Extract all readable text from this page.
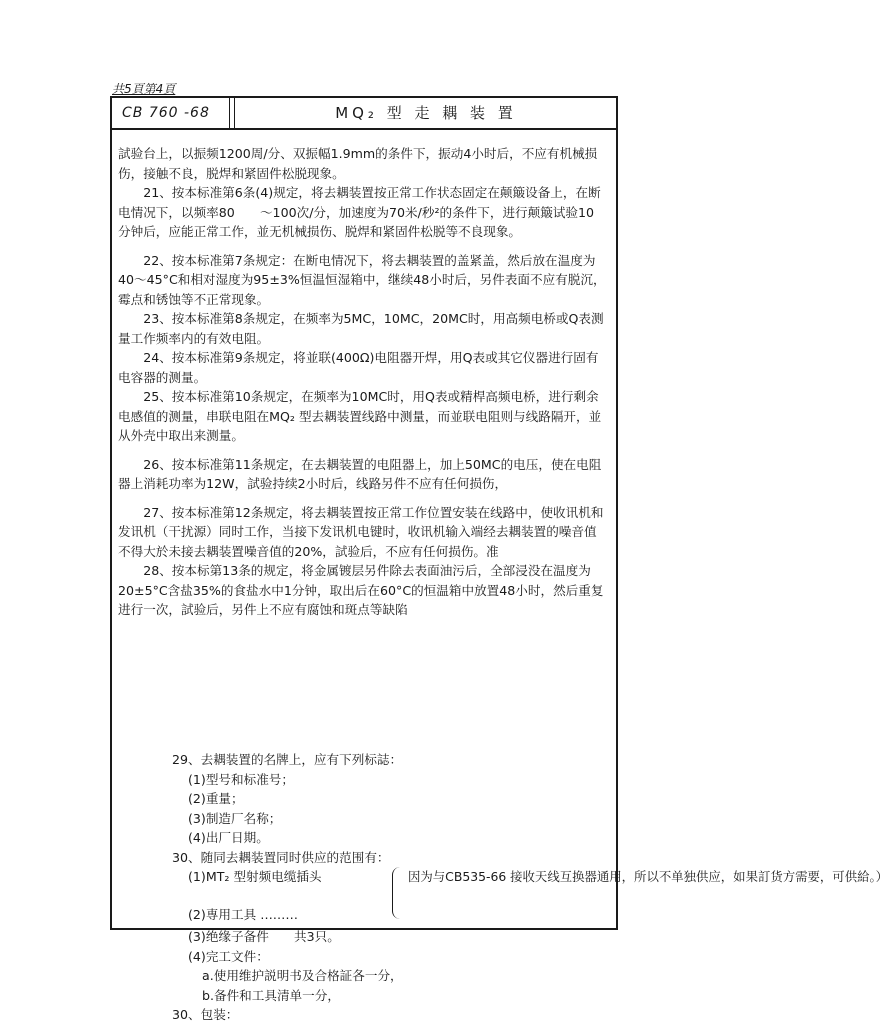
共5頁第4頁
CB 760 -68	MQ₂ 型 走 耦 装 置

試验台上，以振频1200周/分、双振幅1.9mm的条件下，振动4小时后，不应有机械损伤，接触不良，脱焊和紧固件松脱现象。

21、按本标准第6条(4)规定，将去耦装置按正常工作状态固定在颠簸设备上，在断电情况下，以频率80　　～100次/分，加速度为70米/秒²的条件下，进行颠簸试验10分钟后，应能正常工作，並无机械损伤、脱焊和紧固件松脱等不良现象。

22、按本标准第7条规定：在断电情况下，将去耦装置的盖紧盖，然后放在温度为40～45°C和相对湿度为95±3%恒温恒湿箱中，继续48小时后，另件表面不应有脱沉，霉点和锈蚀等不正常现象。

23、按本标准第8条规定，在频率为5MC，10MC，20MC时，用高频电桥或Q表测量工作频率内的有效电阻。

24、按本标准第9条规定，将並联(400Ω)电阻器开焊，用Q表或其它仪器进行固有电容器的测量。

25、按本标准第10条规定，在频率为10MC时，用Q表或精桿高频电桥，进行剩余电感值的测量，串联电阻在MQ₂ 型去耦装置线路中测量，而並联电阻则与线路隔开，並从外壳中取出来测量。

26、按本标准第11条规定，在去耦装置的电阻器上，加上50MC的电压，使在电阻器上消耗功率为12W，試验持续2小时后，线路另件不应有任何损伤，

27、按本标准第12条规定，将去耦装置按正常工作位置安装在线路中，使收讯机和发讯机（干扰源）同时工作，当接下发讯机电键时，收讯机输入端经去耦装置的噪音值不得大於未接去耦装置噪音值的20%，試验后，不应有任何损伤。准

28、按本标第13条的规定，将金属镀层另件除去表面油污后，全部浸没在温度为20±5°C含盐35%的食盐水中1分钟，取出后在60°C的恒温箱中放置48小时，然后重复进行一次，試验后，另件上不应有腐蚀和斑点等缺陷

29、去耦装置的名牌上，应有下列标誌：
(1)型号和标准号；
(2)重量；
(3)制造厂名称；
(4)出厂日期。
30、随同去耦装置同时供应的范围有：
(1)MT₂ 型射频电缆插头
(2)専用工具 ………
因为与CB535-66 接收天线互换器通用，所以不单独供应，如果訂货方需要，可供給。）
(3)绝缘子备件　　共3只。
(4)完工文件：
a.使用维护説明书及合格証各一分，
b.备件和工具清单一分，
30、包装：
